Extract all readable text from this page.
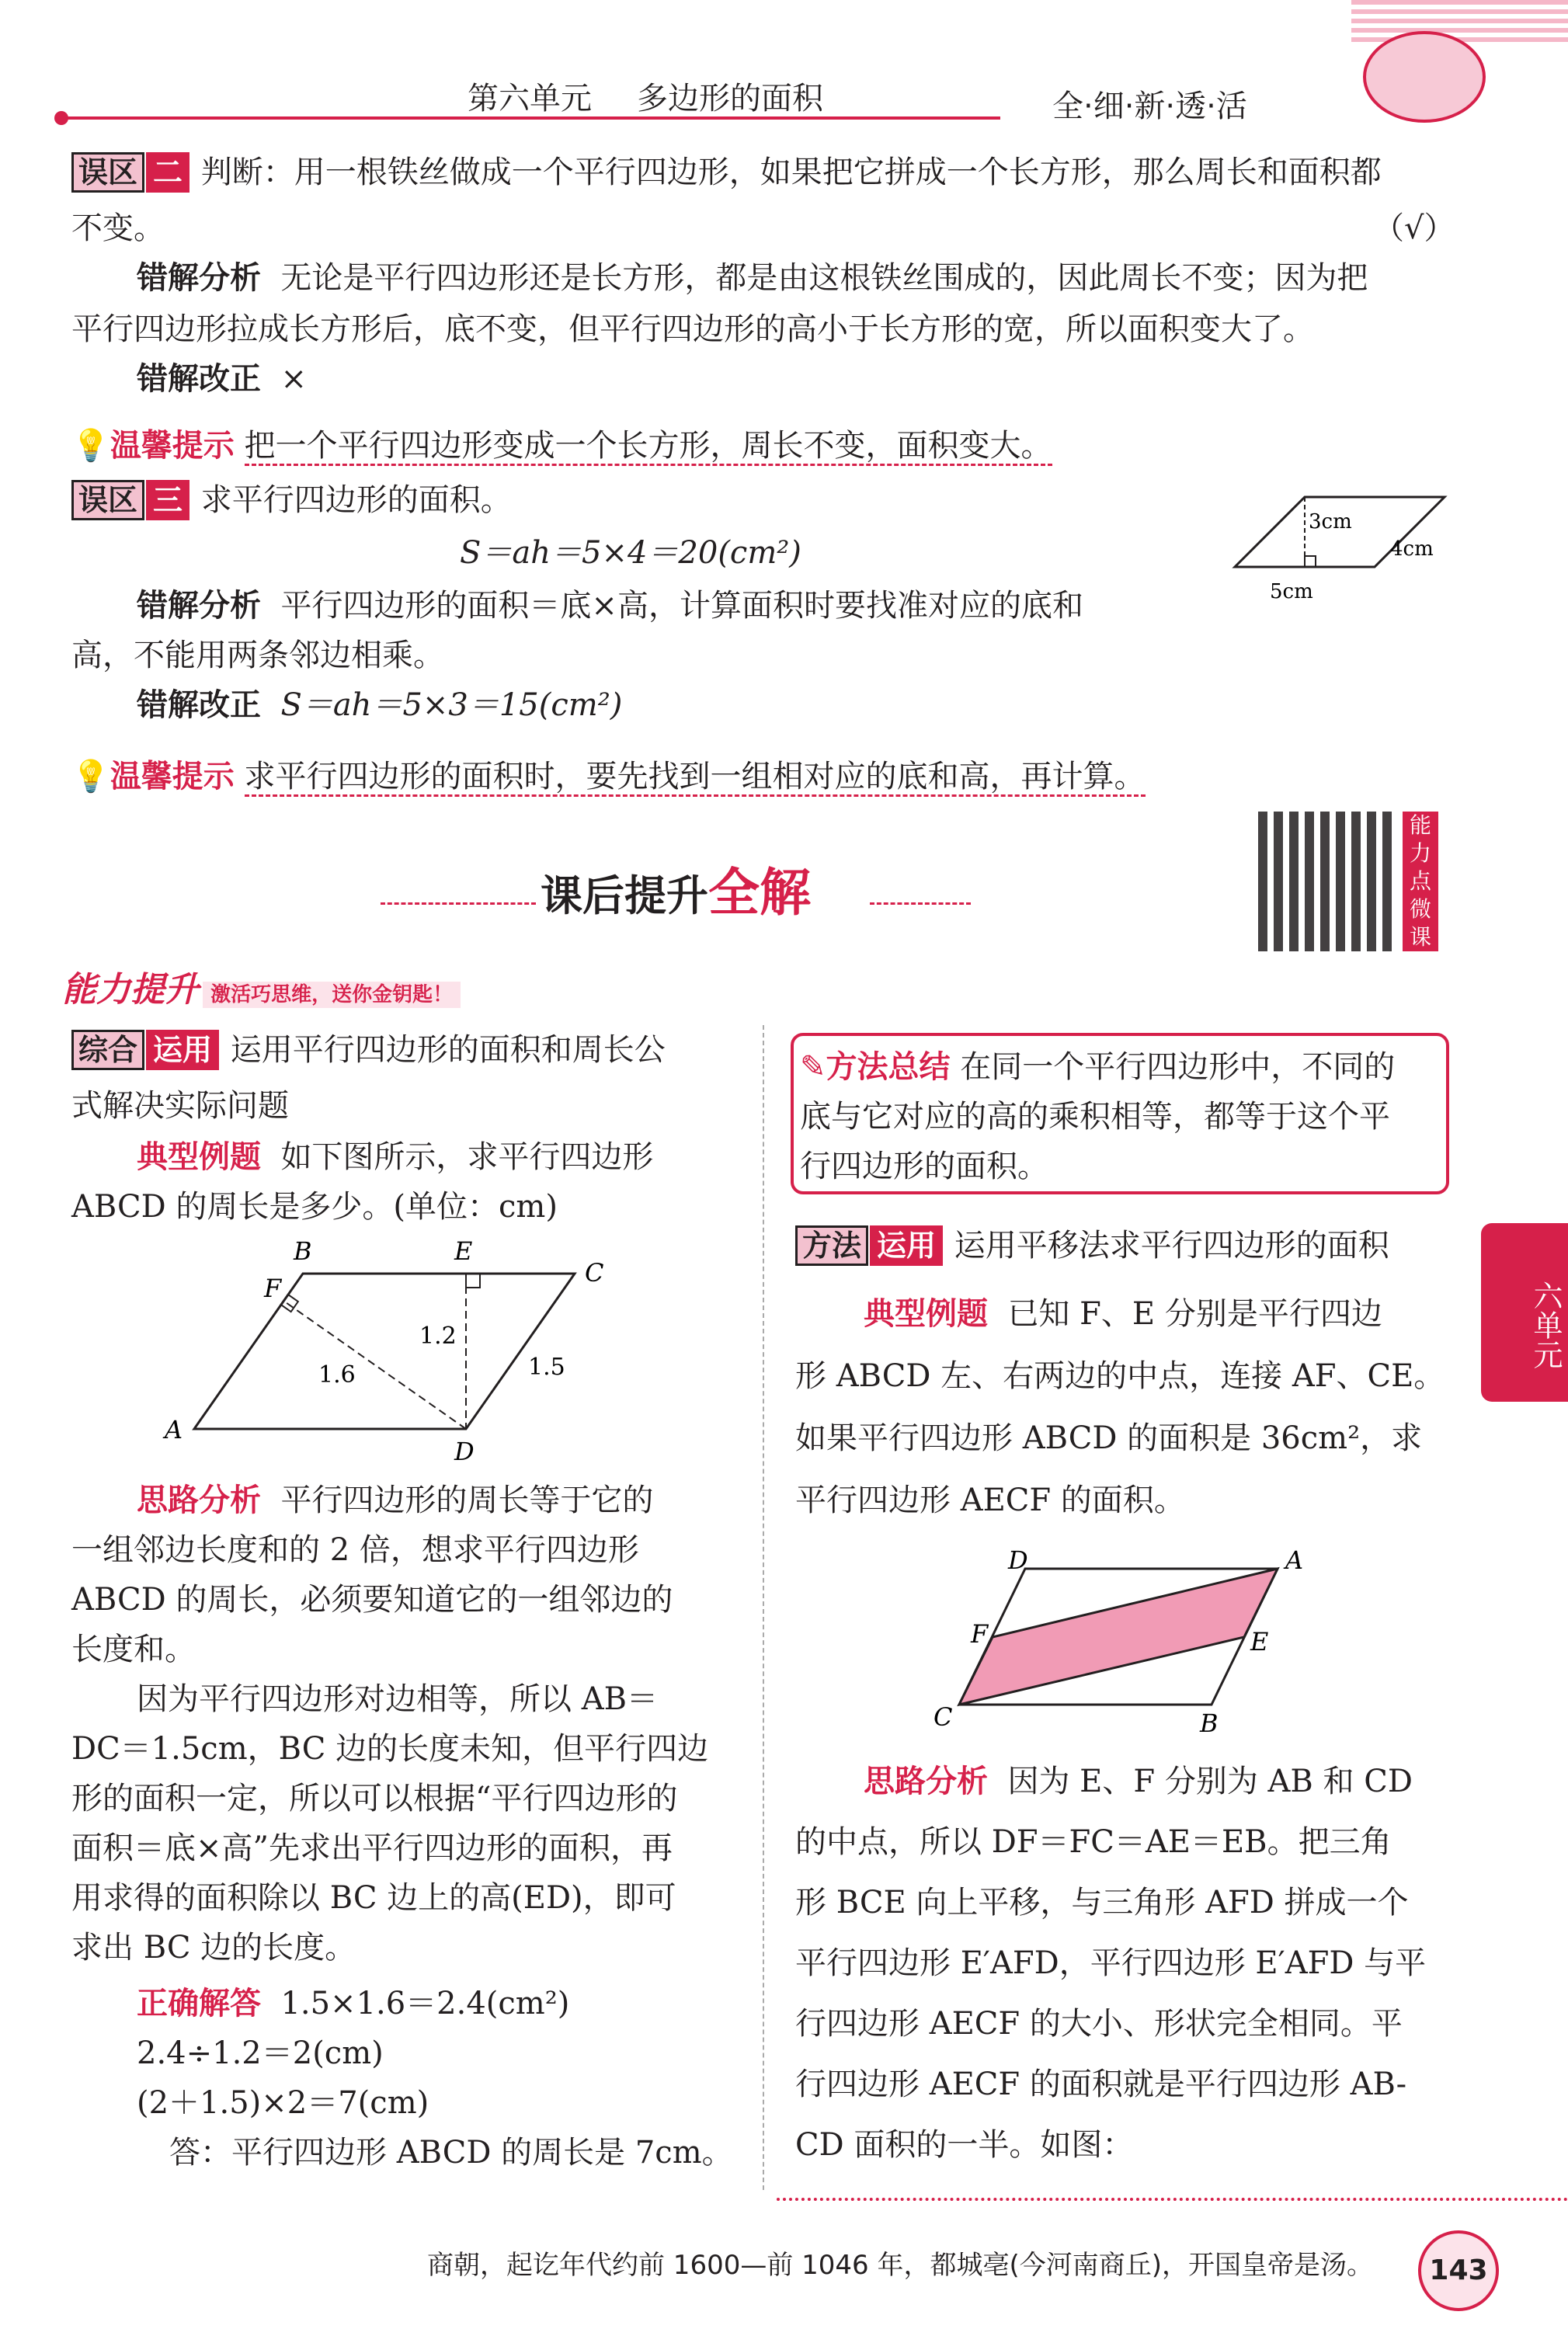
第六单元 多边形的面积	全·细·新·透·活
误区 二 判断：用一根铁丝做成一个平行四边形，如果把它拼成一个长方形，那么周长和面积都
不变。	（√）
错解分析 无论是平行四边形还是长方形，都是由这根铁丝围成的，因此周长不变；因为把
平行四边形拉成长方形后，底不变，但平行四边形的高小于长方形的宽，所以面积变大了。
错解改正 ×
💡温馨提示 把一个平行四边形变成一个长方形，周长不变，面积变大。
误区 三 求平行四边形的面积。
S＝ah＝5×4＝20(cm²)
3cm
4cm
5cm
错解分析 平行四边形的面积＝底×高，计算面积时要找准对应的底和
高，不能用两条邻边相乘。
错解改正 S＝ah＝5×3＝15(cm²)
💡温馨提示 求平行四边形的面积时，要先找到一组相对应的底和高，再计算。
课后提升全解
能力点微课
能力提升 激活巧思维，送你金钥匙！
综合 运用 运用平行四边形的面积和周长公
式解决实际问题
典型例题 如下图所示，求平行四边形
ABCD 的周长是多少。(单位：cm)
A
B
C
D
E
F
1.2
1.6	1.5
思路分析 平行四边形的周长等于它的
一组邻边长度和的 2 倍，想求平行四边形
ABCD 的周长，必须要知道它的一组邻边的
长度和。
因为平行四边形对边相等，所以 AB＝
DC＝1.5cm，BC 边的长度未知，但平行四边
形的面积一定，所以可以根据“平行四边形的
面积＝底×高”先求出平行四边形的面积，再
用求得的面积除以 BC 边上的高(ED)，即可
求出 BC 边的长度。
正确解答 1.5×1.6＝2.4(cm²)
2.4÷1.2＝2(cm)
(2＋1.5)×2＝7(cm)
答：平行四边形 ABCD 的周长是 7cm。
✎方法总结 在同一个平行四边形中，不同的
底与它对应的高的乘积相等，都等于这个平
行四边形的面积。
方法 运用 运用平移法求平行四边形的面积
典型例题 已知 F、E 分别是平行四边
形 ABCD 左、右两边的中点，连接 AF、CE。
如果平行四边形 ABCD 的面积是 36cm²，求
平行四边形 AECF 的面积。
D	A
F	E
C	B
思路分析 因为 E、F 分别为 AB 和 CD
的中点，所以 DF＝FC＝AE＝EB。把三角
形 BCE 向上平移，与三角形 AFD 拼成一个
平行四边形 E′AFD，平行四边形 E′AFD 与平
行四边形 AECF 的大小、形状完全相同。平
行四边形 AECF 的面积就是平行四边形 AB-
CD 面积的一半。如图：
六单元
商朝，起讫年代约前 1600—前 1046 年，都城亳(今河南商丘)，开国皇帝是汤。	143
